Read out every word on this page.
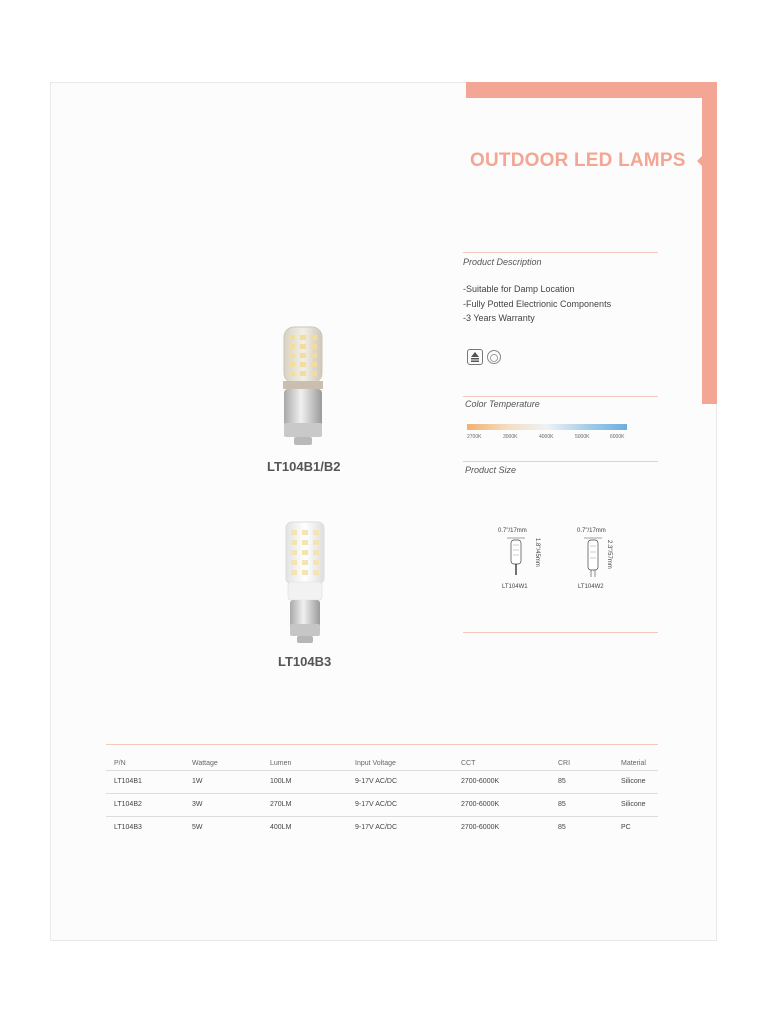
OUTDOOR LED LAMPS
Product Description
-Suitable for Damp Location
-Fully Potted Electrionic Components
-3 Years Warranty
Color Temperature
2700K	3000K	4000K	5000K	6000K
Product Size
0.7"/17mm
1.8"/45mm
LT104W1
0.7"/17mm
2.3"/57mm
LT104W2
LT104B1/B2
LT104B3
P/N	Wattage	Lumen	Input Voltage	CCT	CRI	Material
LT104B1	1W	100LM	9-17V AC/DC	2700-6000K	85	Silicone
LT104B2	3W	270LM	9-17V AC/DC	2700-6000K	85	Silicone
LT104B3	5W	400LM	9-17V AC/DC	2700-6000K	85	PC
